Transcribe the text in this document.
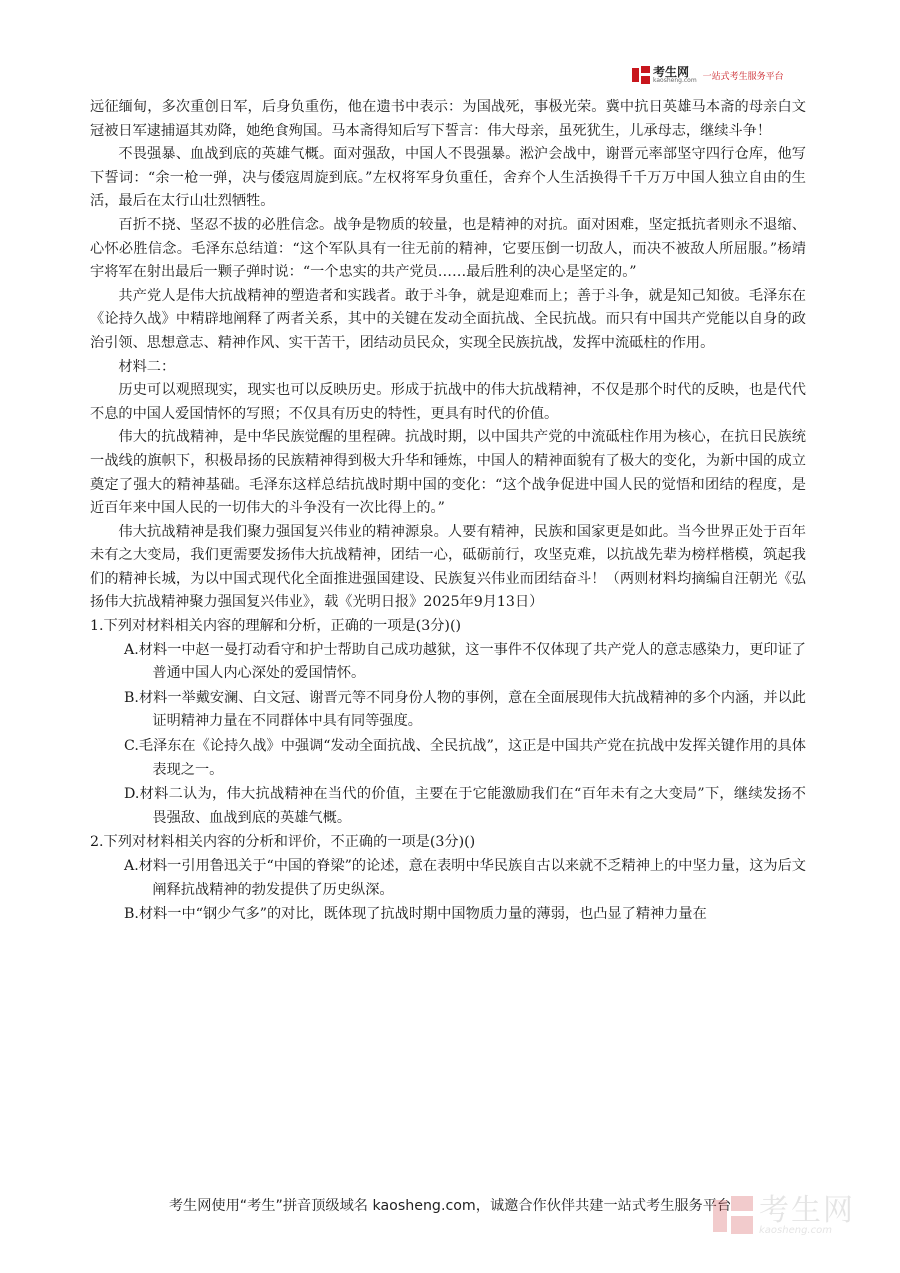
考生网
kaosheng.com 一站式考生服务平台

远征缅甸，多次重创日军，后身负重伤，他在遗书中表示：为国战死，事极光荣。冀中抗日英雄马本斋的母亲白文冠被日军逮捕逼其劝降，她绝食殉国。马本斋得知后写下誓言：伟大母亲，虽死犹生，儿承母志，继续斗争！

不畏强暴、血战到底的英雄气概。面对强敌，中国人不畏强暴。淞沪会战中，谢晋元率部坚守四行仓库，他写下誓词：“余一枪一弹，决与倭寇周旋到底。”左权将军身负重任，舍弃个人生活换得千千万万中国人独立自由的生活，最后在太行山壮烈牺牲。

百折不挠、坚忍不拔的必胜信念。战争是物质的较量，也是精神的对抗。面对困难，坚定抵抗者则永不退缩、心怀必胜信念。毛泽东总结道：“这个军队具有一往无前的精神，它要压倒一切敌人，而决不被敌人所屈服。”杨靖宇将军在射出最后一颗子弹时说：“一个忠实的共产党员……最后胜利的决心是坚定的。”

共产党人是伟大抗战精神的塑造者和实践者。敢于斗争，就是迎难而上；善于斗争，就是知己知彼。毛泽东在《论持久战》中精辟地阐释了两者关系，其中的关键在发动全面抗战、全民抗战。而只有中国共产党能以自身的政治引领、思想意志、精神作风、实干苦干，团结动员民众，实现全民族抗战，发挥中流砥柱的作用。

材料二：

历史可以观照现实，现实也可以反映历史。形成于抗战中的伟大抗战精神，不仅是那个时代的反映，也是代代不息的中国人爱国情怀的写照；不仅具有历史的特性，更具有时代的价值。

伟大的抗战精神，是中华民族觉醒的里程碑。抗战时期，以中国共产党的中流砥柱作用为核心，在抗日民族统一战线的旗帜下，积极昂扬的民族精神得到极大升华和锤炼，中国人的精神面貌有了极大的变化，为新中国的成立奠定了强大的精神基础。毛泽东这样总结抗战时期中国的变化：“这个战争促进中国人民的觉悟和团结的程度，是近百年来中国人民的一切伟大的斗争没有一次比得上的。”

伟大抗战精神是我们聚力强国复兴伟业的精神源泉。人要有精神，民族和国家更是如此。当今世界正处于百年未有之大变局，我们更需要发扬伟大抗战精神，团结一心，砥砺前行，攻坚克难，以抗战先辈为榜样楷模，筑起我们的精神长城，为以中国式现代化全面推进强国建设、民族复兴伟业而团结奋斗！（两则材料均摘编自汪朝光《弘扬伟大抗战精神聚力强国复兴伟业》，载《光明日报》2025年9月13日）

1.下列对材料相关内容的理解和分析，正确的一项是(3分)()

A.材料一中赵一曼打动看守和护士帮助自己成功越狱，这一事件不仅体现了共产党人的意志感染力，更印证了普通中国人内心深处的爱国情怀。

B.材料一举戴安澜、白文冠、谢晋元等不同身份人物的事例，意在全面展现伟大抗战精神的多个内涵，并以此证明精神力量在不同群体中具有同等强度。

C.毛泽东在《论持久战》中强调“发动全面抗战、全民抗战”，这正是中国共产党在抗战中发挥关键作用的具体表现之一。

D.材料二认为，伟大抗战精神在当代的价值，主要在于它能激励我们在“百年未有之大变局”下，继续发扬不畏强敌、血战到底的英雄气概。

2.下列对材料相关内容的分析和评价，不正确的一项是(3分)()

A.材料一引用鲁迅关于“中国的脊梁”的论述，意在表明中华民族自古以来就不乏精神上的中坚力量，这为后文阐释抗战精神的勃发提供了历史纵深。

B.材料一中“钢少气多”的对比，既体现了抗战时期中国物质力量的薄弱，也凸显了精神力量在

考生网使用“考生”拼音顶级域名 kaosheng.com，诚邀合作伙伴共建一站式考生服务平台 考生网
kaosheng.com
